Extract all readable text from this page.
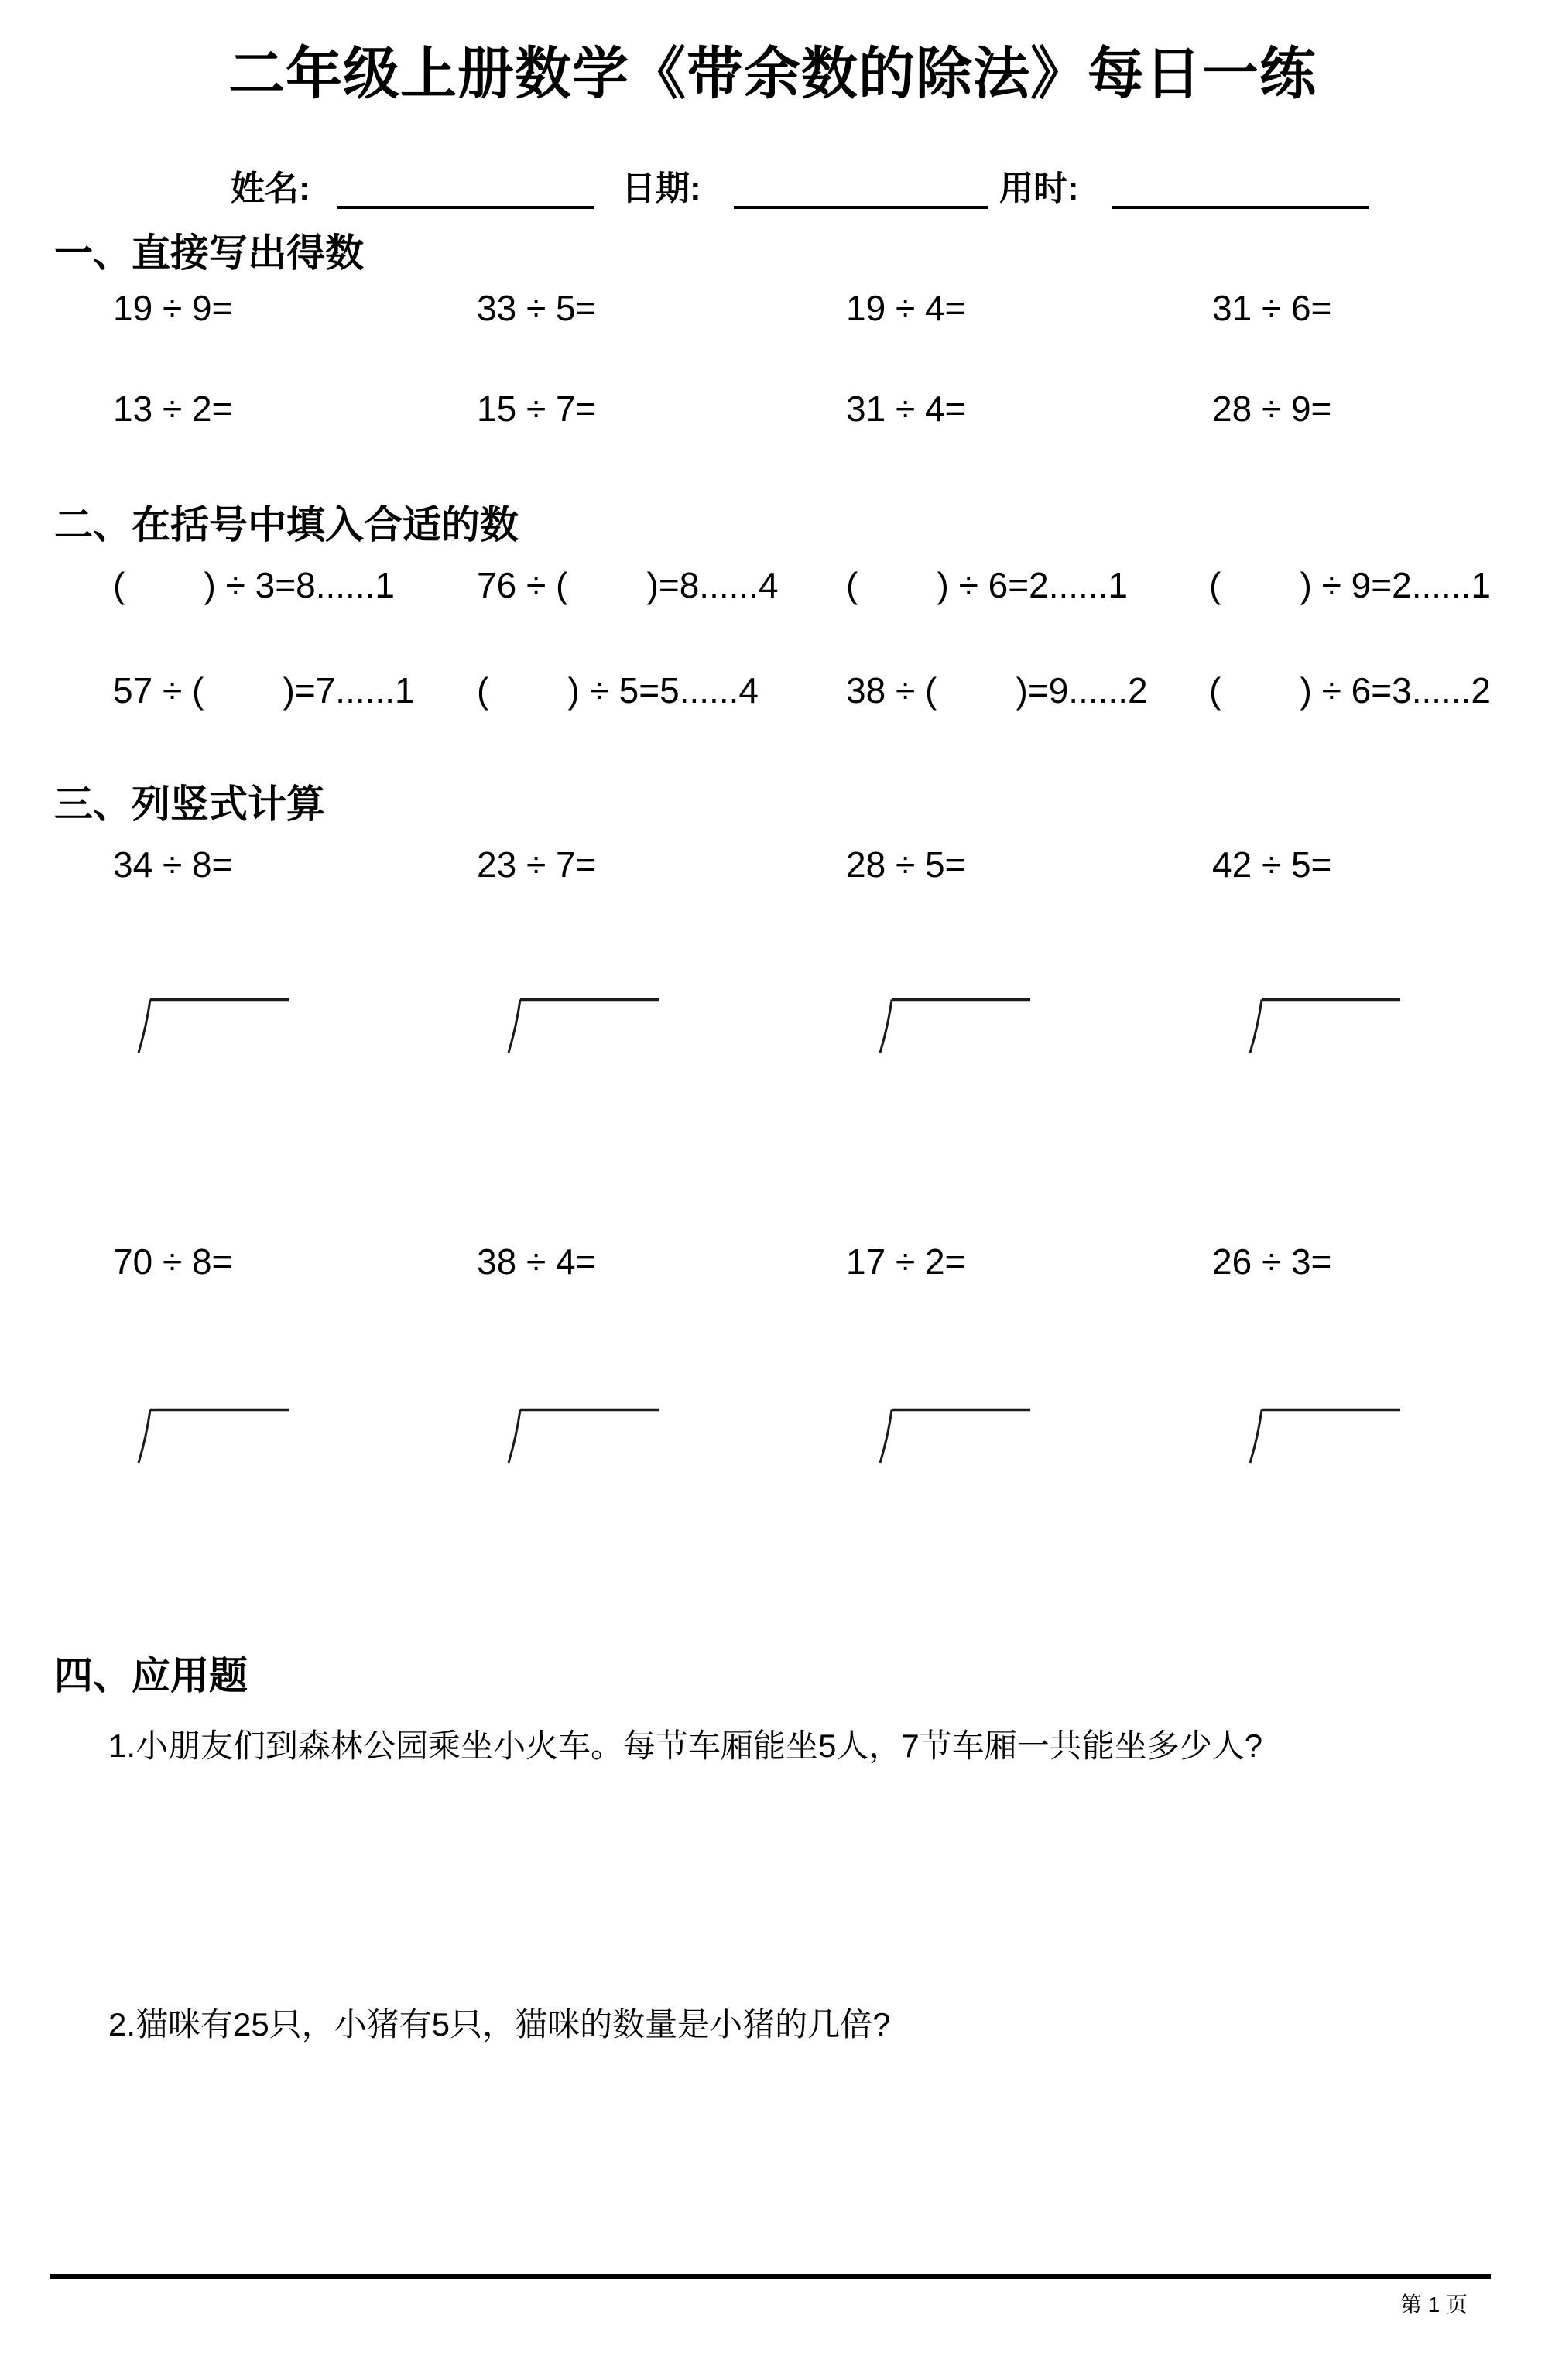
二年级上册数学《带余数的除法》每日一练
姓名:	日期:	用时:
一、直接写出得数
19 ÷ 9=	33 ÷ 5=	19 ÷ 4=	31 ÷ 6=
13 ÷ 2=	15 ÷ 7=	31 ÷ 4=	28 ÷ 9=
二、在括号中填入合适的数
(        ) ÷ 3=8......1 76 ÷ (        )=8......4 (        ) ÷ 6=2......1 (        ) ÷ 9=2......1
57 ÷ (        )=7......1 (        ) ÷ 5=5......4 38 ÷ (        )=9......2 (        ) ÷ 6=3......2
三、列竖式计算
34 ÷ 8=	23 ÷ 7=	28 ÷ 5=	42 ÷ 5=
70 ÷ 8=	38 ÷ 4=	17 ÷ 2=	26 ÷ 3=
四、应用题
1.小朋友们到森林公园乘坐小火车。每节车厢能坐5人，7节车厢一共能坐多少人?
2.猫咪有25只，小猪有5只，猫咪的数量是小猪的几倍?
第 1 页
